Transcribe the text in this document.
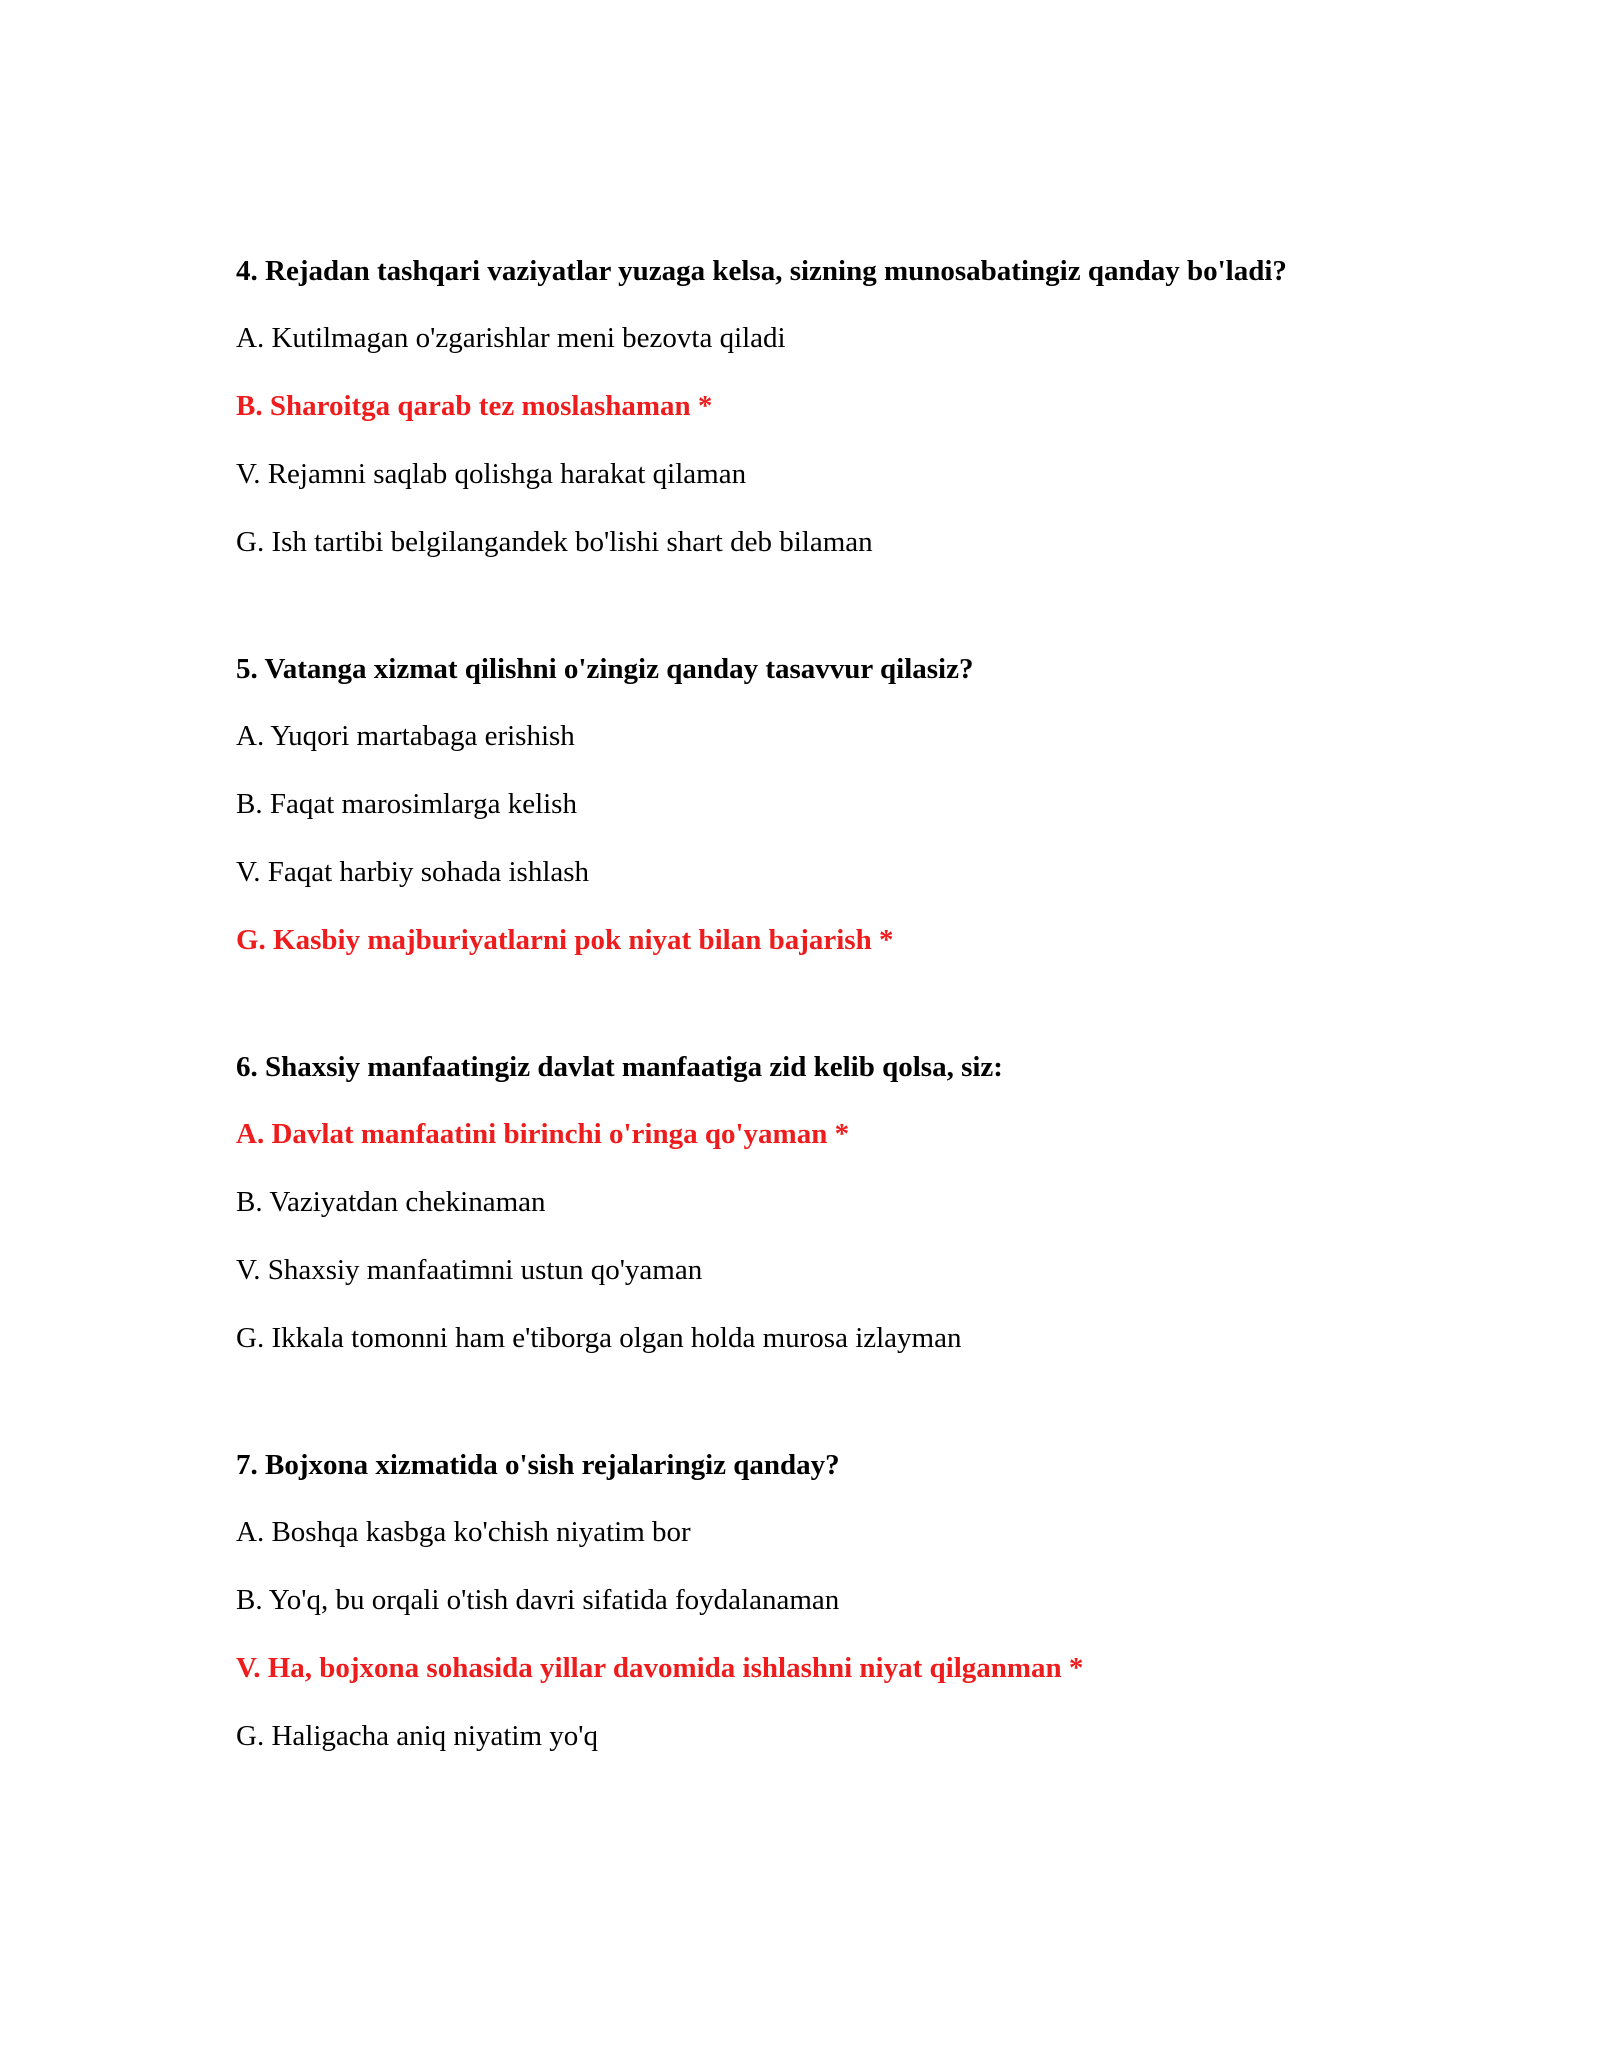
4. Rejadan tashqari vaziyatlar yuzaga kelsa, sizning munosabatingiz qanday bo'ladi?

A. Kutilmagan o'zgarishlar meni bezovta qiladi

B. Sharoitga qarab tez moslashaman *

V. Rejamni saqlab qolishga harakat qilaman

G. Ish tartibi belgilangandek bo'lishi shart deb bilaman

5. Vatanga xizmat qilishni o'zingiz qanday tasavvur qilasiz?

A. Yuqori martabaga erishish

B. Faqat marosimlarga kelish

V. Faqat harbiy sohada ishlash

G. Kasbiy majburiyatlarni pok niyat bilan bajarish *

6. Shaxsiy manfaatingiz davlat manfaatiga zid kelib qolsa, siz:

A. Davlat manfaatini birinchi o'ringa qo'yaman *

B. Vaziyatdan chekinaman

V. Shaxsiy manfaatimni ustun qo'yaman

G. Ikkala tomonni ham e'tiborga olgan holda murosa izlayman

7. Bojxona xizmatida o'sish rejalaringiz qanday?

A. Boshqa kasbga ko'chish niyatim bor

B. Yo'q, bu orqali o'tish davri sifatida foydalanaman

V. Ha, bojxona sohasida yillar davomida ishlashni niyat qilganman *

G. Haligacha aniq niyatim yo'q
